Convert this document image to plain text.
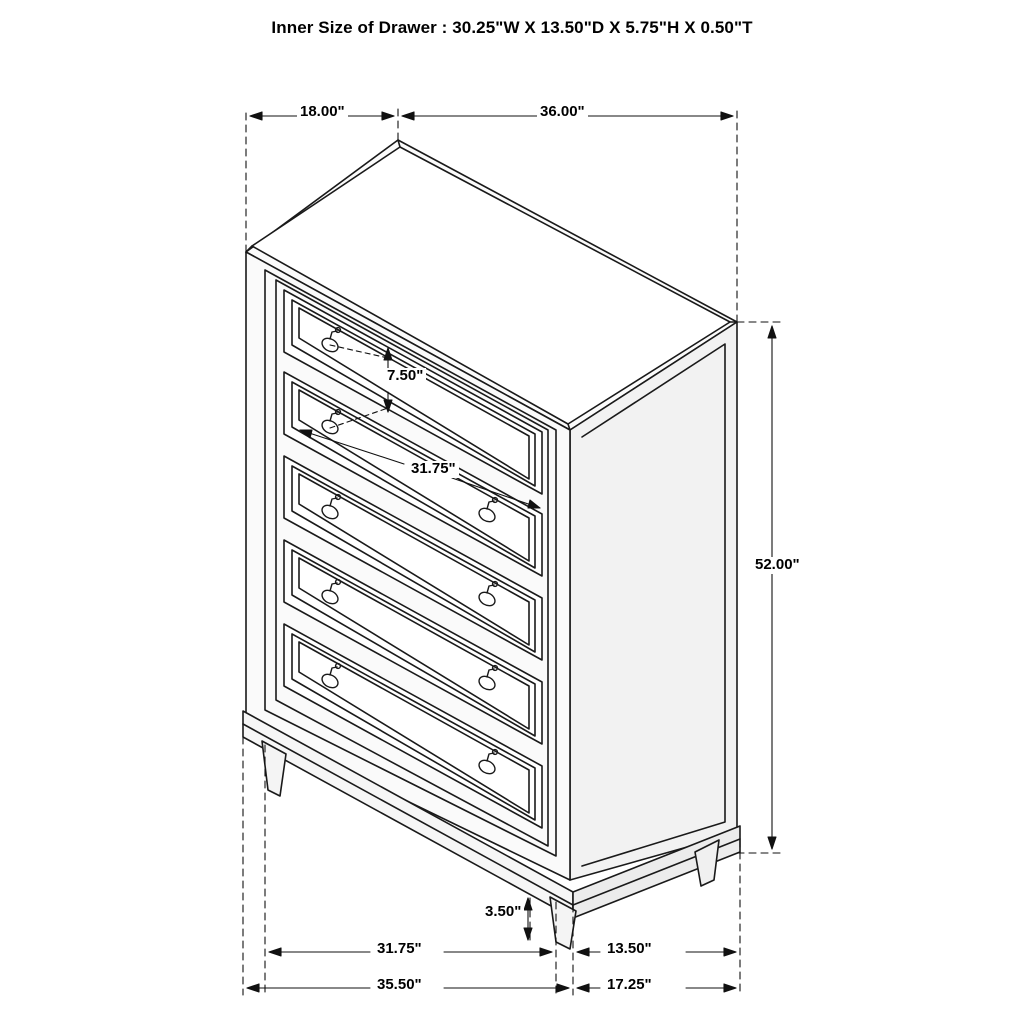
Inner Size of Drawer : 30.25"W X 13.50"D X 5.75"H X 0.50"T
18.00"	36.00"
7.50"
31.75"
52.00"
3.50"
31.75"	13.50"
35.50"	17.25"
